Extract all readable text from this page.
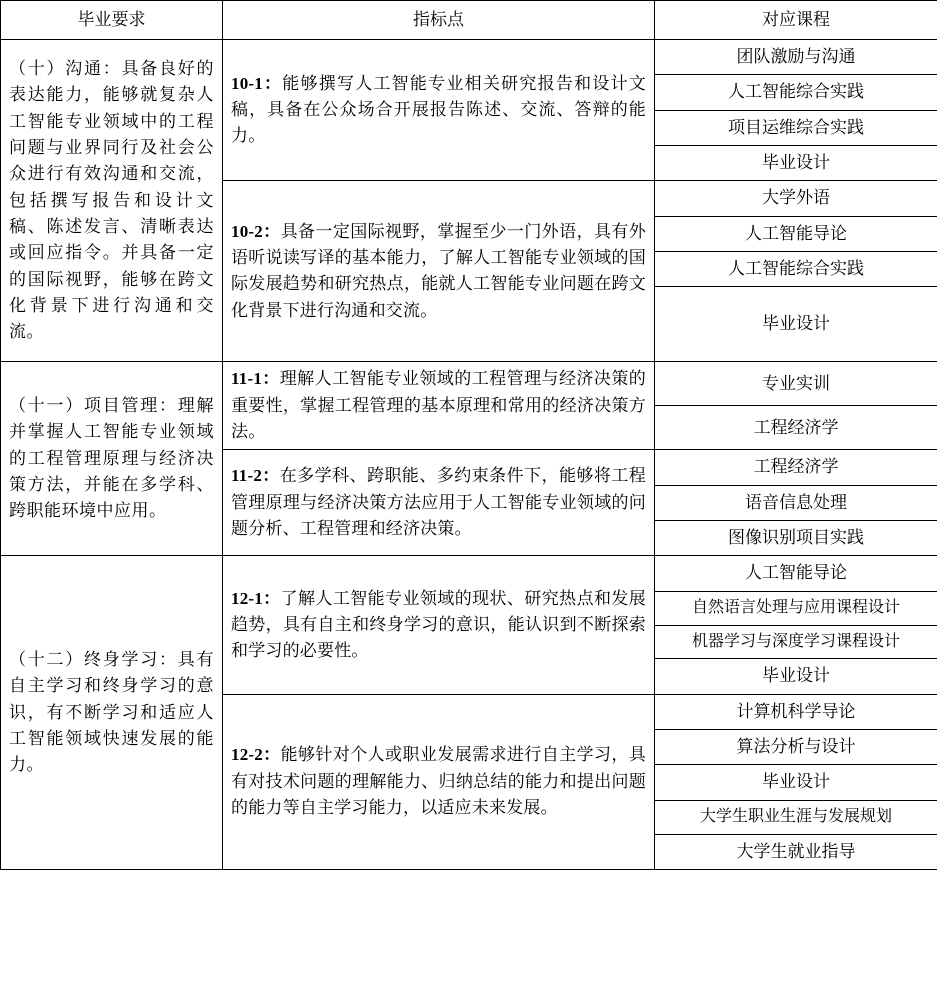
毕业要求	指标点	对应课程
（十）沟通：具备良好的表达能力，能够就复杂人工智能专业领域中的工程问题与业界同行及社会公众进行有效沟通和交流，包括撰写报告和设计文稿、陈述发言、清晰表达或回应指令。并具备一定的国际视野，能够在跨文化背景下进行沟通和交流。	10-1：能够撰写人工智能专业相关研究报告和设计文稿，具备在公众场合开展报告陈述、交流、答辩的能力。	团队激励与沟通
		人工智能综合实践
		项目运维综合实践
		毕业设计
	10-2：具备一定国际视野，掌握至少一门外语，具有外语听说读写译的基本能力，了解人工智能专业领域的国际发展趋势和研究热点，能就人工智能专业问题在跨文化背景下进行沟通和交流。	大学外语
		人工智能导论
		人工智能综合实践
		毕业设计
（十一）项目管理：理解并掌握人工智能专业领域的工程管理原理与经济决策方法，并能在多学科、跨职能环境中应用。	11-1：理解人工智能专业领域的工程管理与经济决策的重要性，掌握工程管理的基本原理和常用的经济决策方法。	专业实训
		工程经济学
	11-2：在多学科、跨职能、多约束条件下，能够将工程管理原理与经济决策方法应用于人工智能专业领域的问题分析、工程管理和经济决策。	工程经济学
		语音信息处理
		图像识别项目实践
（十二）终身学习：具有自主学习和终身学习的意识，有不断学习和适应人工智能领域快速发展的能力。	12-1：了解人工智能专业领域的现状、研究热点和发展趋势，具有自主和终身学习的意识，能认识到不断探索和学习的必要性。	人工智能导论
		自然语言处理与应用课程设计
		机器学习与深度学习课程设计
		毕业设计
	12-2：能够针对个人或职业发展需求进行自主学习，具有对技术问题的理解能力、归纳总结的能力和提出问题的能力等自主学习能力，以适应未来发展。	计算机科学导论
		算法分析与设计
		毕业设计
		大学生职业生涯与发展规划
		大学生就业指导
